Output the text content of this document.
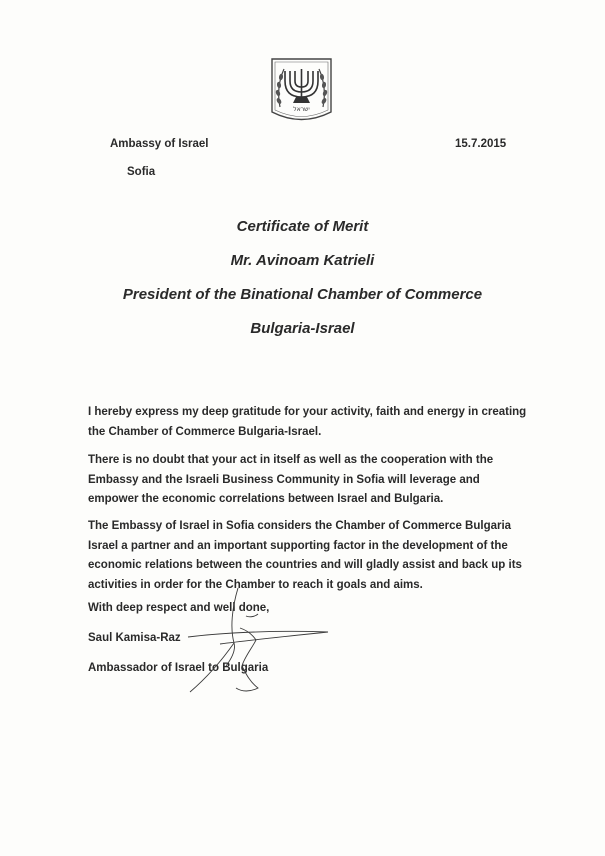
ישראל
Ambassy of Israel
Sofia
15.7.2015
Certificate of Merit
Mr. Avinoam Katrieli
President of the Binational Chamber of Commerce
Bulgaria-Israel
I hereby express my deep gratitude for your activity, faith and energy in creating the Chamber of Commerce Bulgaria-Israel.
There is no doubt that your act in itself as well as the cooperation with the Embassy and the Israeli Business Community in Sofia will leverage and empower the economic correlations between Israel and Bulgaria.
The Embassy of Israel in Sofia considers the Chamber of Commerce Bulgaria Israel a partner and an important supporting factor in the development of the economic relations between the countries and will gladly assist and back up its activities in order for the Chamber to reach it goals and aims.
With deep respect and well done,
Saul Kamisa-Raz
Ambassador of Israel to Bulgaria
